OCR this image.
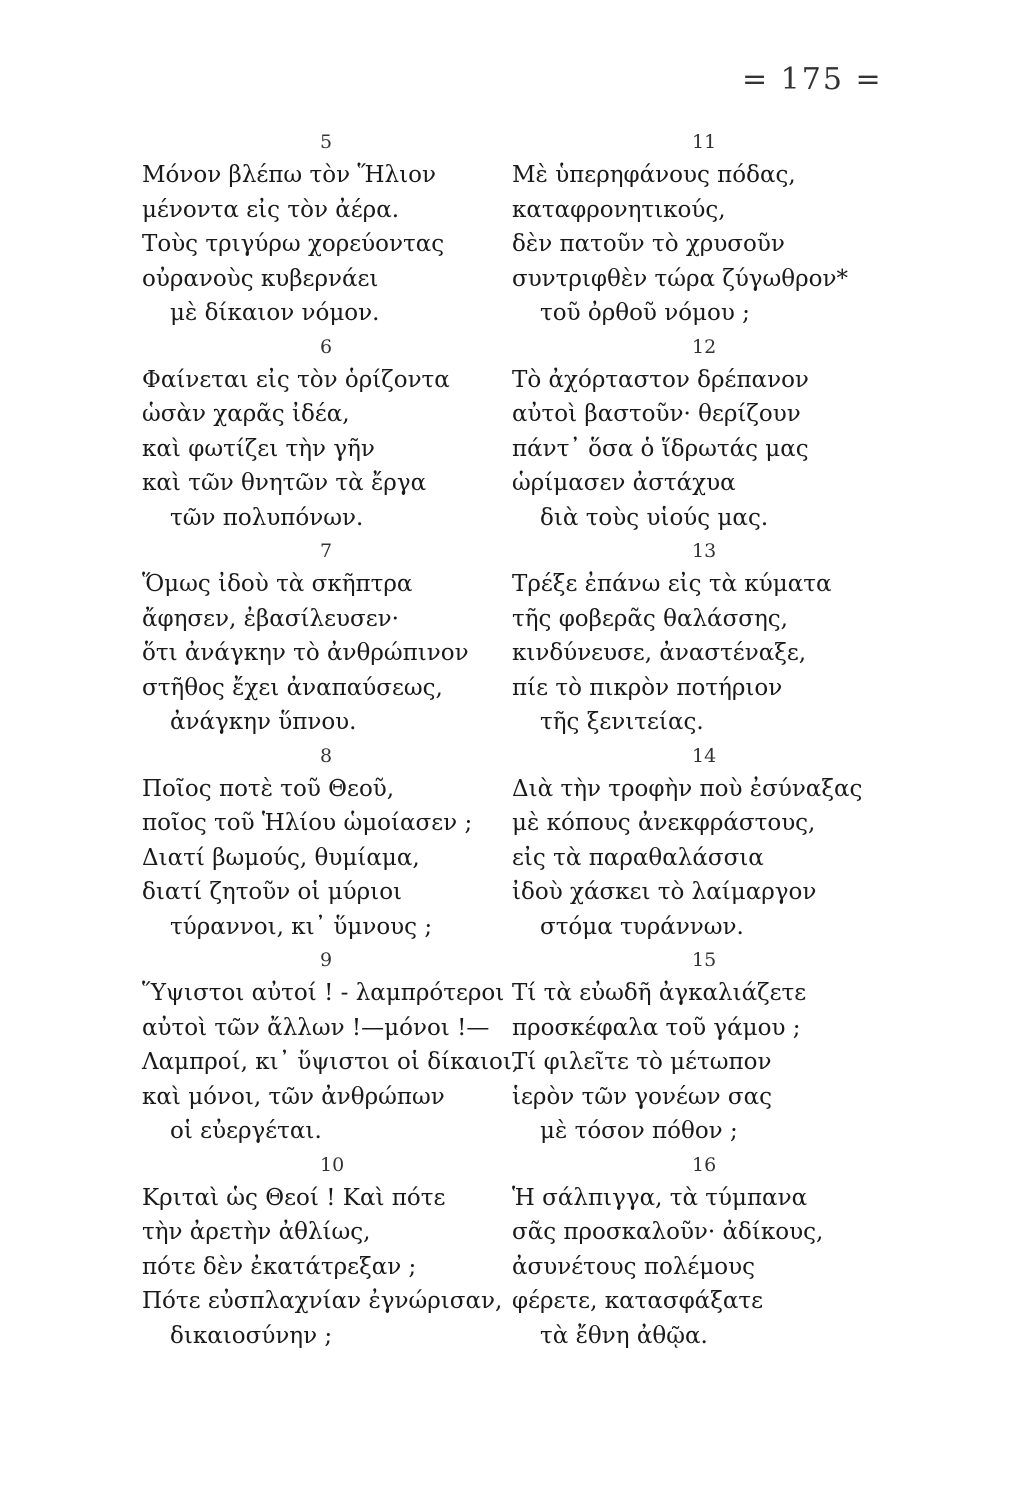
= 175 =
5
Μόνον βλέπω τὸν Ἥλιον
μένοντα εἰς τὸν ἀέρα.
Τοὺς τριγύρω χορεύοντας
οὐρανοὺς κυβερνάει
μὲ δίκαιον νόμον.
6
Φαίνεται εἰς τὸν ὁρίζοντα
ὡσὰν χαρᾶς ἰδέα,
καὶ φωτίζει τὴν γῆν
καὶ τῶν θνητῶν τὰ ἔργα
τῶν πολυπόνων.
7
Ὅμως ἰδοὺ τὰ σκῆπτρα
ἄφησεν, ἐβασίλευσεν·
ὅτι ἀνάγκην τὸ ἀνθρώπινον
στῆθος ἔχει ἀναπαύσεως,
ἀνάγκην ὕπνου.
8
Ποῖος ποτὲ τοῦ Θεοῦ,
ποῖος τοῦ Ἡλίου ὡμοίασεν ;
Διατί βωμούς, θυμίαμα,
διατί ζητοῦν οἱ μύριοι
τύραννοι, κι᾽ ὕμνους ;
9
Ὕψιστοι αὐτοί ! - λαμπρότεροι
αὐτοὶ τῶν ἄλλων !—μόνοι !—
Λαμπροί, κι᾽ ὕψιστοι οἱ δίκαιοι,
καὶ μόνοι, τῶν ἀνθρώπων
οἱ εὐεργέται.
10
Κριταὶ ὡς Θεοί ! Καὶ πότε
τὴν ἀρετὴν ἀθλίως,
πότε δὲν ἐκατάτρεξαν ;
Πότε εὐσπλαχνίαν ἐγνώρισαν,
δικαιοσύνην ;
11
Μὲ ὑπερηφάνους πόδας,
καταφρονητικούς,
δὲν πατοῦν τὸ χρυσοῦν
συντριφθὲν τώρα ζύγωθρον*
τοῦ ὀρθοῦ νόμου ;
12
Τὸ ἀχόρταστον δρέπανον
αὐτοὶ βαστοῦν· θερίζουν
πάντ᾽ ὅσα ὁ ἵδρωτάς μας
ὡρίμασεν ἀστάχυα
διὰ τοὺς υἱούς μας.
13
Τρέξε ἐπάνω εἰς τὰ κύματα
τῆς φοβερᾶς θαλάσσης,
κινδύνευσε, ἀναστέναξε,
πίε τὸ πικρὸν ποτήριον
τῆς ξενιτείας.
14
Διὰ τὴν τροφὴν ποὺ ἐσύναξας
μὲ κόπους ἀνεκφράστους,
εἰς τὰ παραθαλάσσια
ἰδοὺ χάσκει τὸ λαίμαργον
στόμα τυράννων.
15
Τί τὰ εὐωδῆ ἀγκαλιάζετε
προσκέφαλα τοῦ γάμου ;
Τί φιλεῖτε τὸ μέτωπον
ἱερὸν τῶν γονέων σας
μὲ τόσον πόθον ;
16
Ἡ σάλπιγγα, τὰ τύμπανα
σᾶς προσκαλοῦν· ἀδίκους,
ἀσυνέτους πολέμους
φέρετε, κατασφάξατε
τὰ ἔθνη ἀθῷα.
